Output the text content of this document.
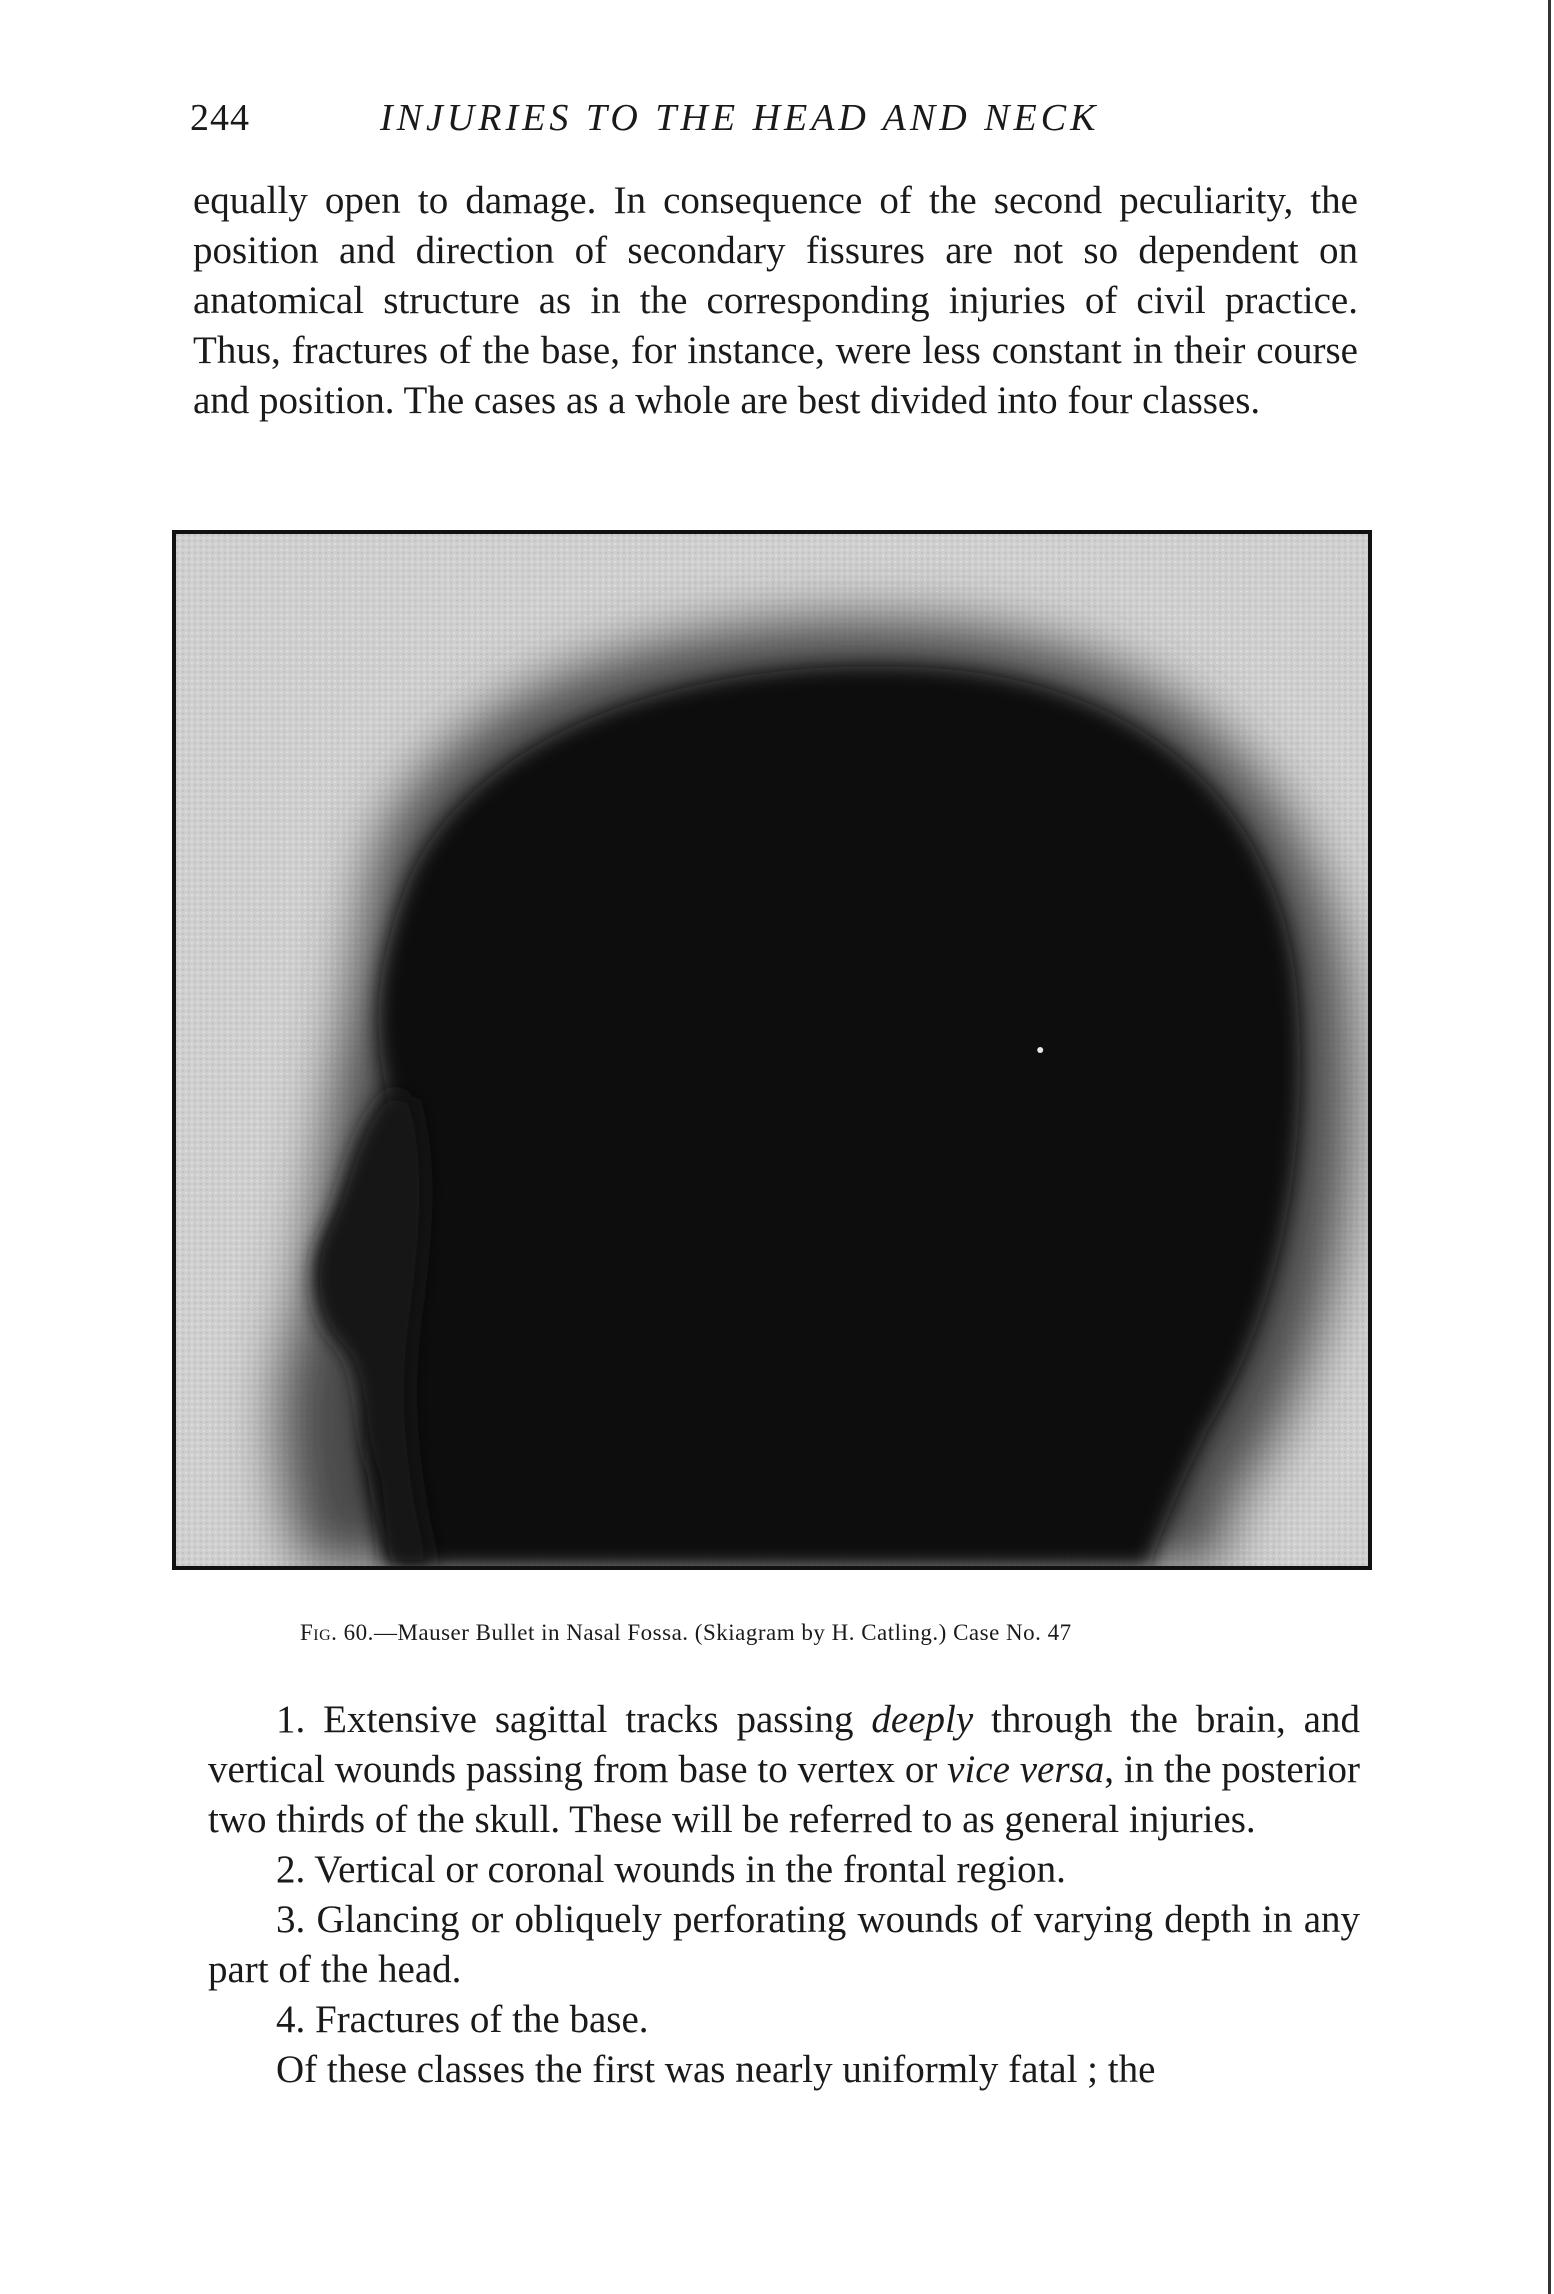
244	INJURIES TO THE HEAD AND NECK

equally open to damage. In consequence of the second peculiarity, the position and direction of secondary fissures are not so dependent on anatomical structure as in the corresponding injuries of civil practice. Thus, fractures of the base, for instance, were less constant in their course and position. The cases as a whole are best divided into four classes.

Fig. 60.—Mauser Bullet in Nasal Fossa. (Skiagram by H. Catling.) Case No. 47

1. Extensive sagittal tracks passing deeply through the brain, and vertical wounds passing from base to vertex or vice versa, in the posterior two thirds of the skull. These will be referred to as general injuries.

2. Vertical or coronal wounds in the frontal region.

3. Glancing or obliquely perforating wounds of varying depth in any part of the head.

4. Fractures of the base.

Of these classes the first was nearly uniformly fatal ; the
